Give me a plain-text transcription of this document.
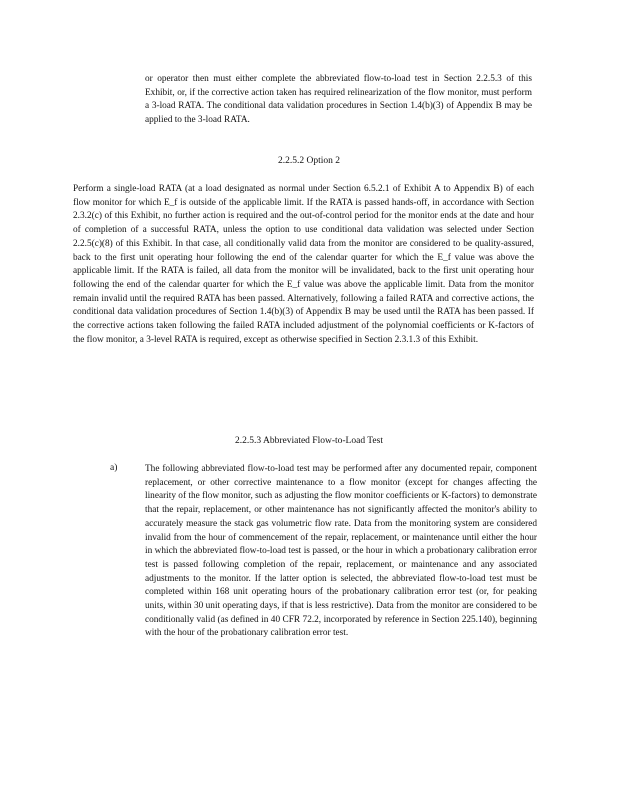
or operator then must either complete the abbreviated flow-to-load test in Section 2.2.5.3 of this Exhibit, or, if the corrective action taken has required relinearization of the flow monitor, must perform a 3-load RATA. The conditional data validation procedures in Section 1.4(b)(3) of Appendix B may be applied to the 3-load RATA.

2.2.5.2 Option 2

Perform a single-load RATA (at a load designated as normal under Section 6.5.2.1 of Exhibit A to Appendix B) of each flow monitor for which E_f is outside of the applicable limit. If the RATA is passed hands-off, in accordance with Section 2.3.2(c) of this Exhibit, no further action is required and the out-of-control period for the monitor ends at the date and hour of completion of a successful RATA, unless the option to use conditional data validation was selected under Section 2.2.5(c)(8) of this Exhibit. In that case, all conditionally valid data from the monitor are considered to be quality-assured, back to the first unit operating hour following the end of the calendar quarter for which the E_f value was above the applicable limit. If the RATA is failed, all data from the monitor will be invalidated, back to the first unit operating hour following the end of the calendar quarter for which the E_f value was above the applicable limit. Data from the monitor remain invalid until the required RATA has been passed. Alternatively, following a failed RATA and corrective actions, the conditional data validation procedures of Section 1.4(b)(3) of Appendix B may be used until the RATA has been passed. If the corrective actions taken following the failed RATA included adjustment of the polynomial coefficients or K-factors of the flow monitor, a 3-level RATA is required, except as otherwise specified in Section 2.3.1.3 of this Exhibit.

2.2.5.3 Abbreviated Flow-to-Load Test
a)	The following abbreviated flow-to-load test may be performed after any documented repair, component replacement, or other corrective maintenance to a flow monitor (except for changes affecting the linearity of the flow monitor, such as adjusting the flow monitor coefficients or K-factors) to demonstrate that the repair, replacement, or other maintenance has not significantly affected the monitor's ability to accurately measure the stack gas volumetric flow rate. Data from the monitoring system are considered invalid from the hour of commencement of the repair, replacement, or maintenance until either the hour in which the abbreviated flow-to-load test is passed, or the hour in which a probationary calibration error test is passed following completion of the repair, replacement, or maintenance and any associated adjustments to the monitor. If the latter option is selected, the abbreviated flow-to-load test must be completed within 168 unit operating hours of the probationary calibration error test (or, for peaking units, within 30 unit operating days, if that is less restrictive). Data from the monitor are considered to be conditionally valid (as defined in 40 CFR 72.2, incorporated by reference in Section 225.140), beginning with the hour of the probationary calibration error test.
